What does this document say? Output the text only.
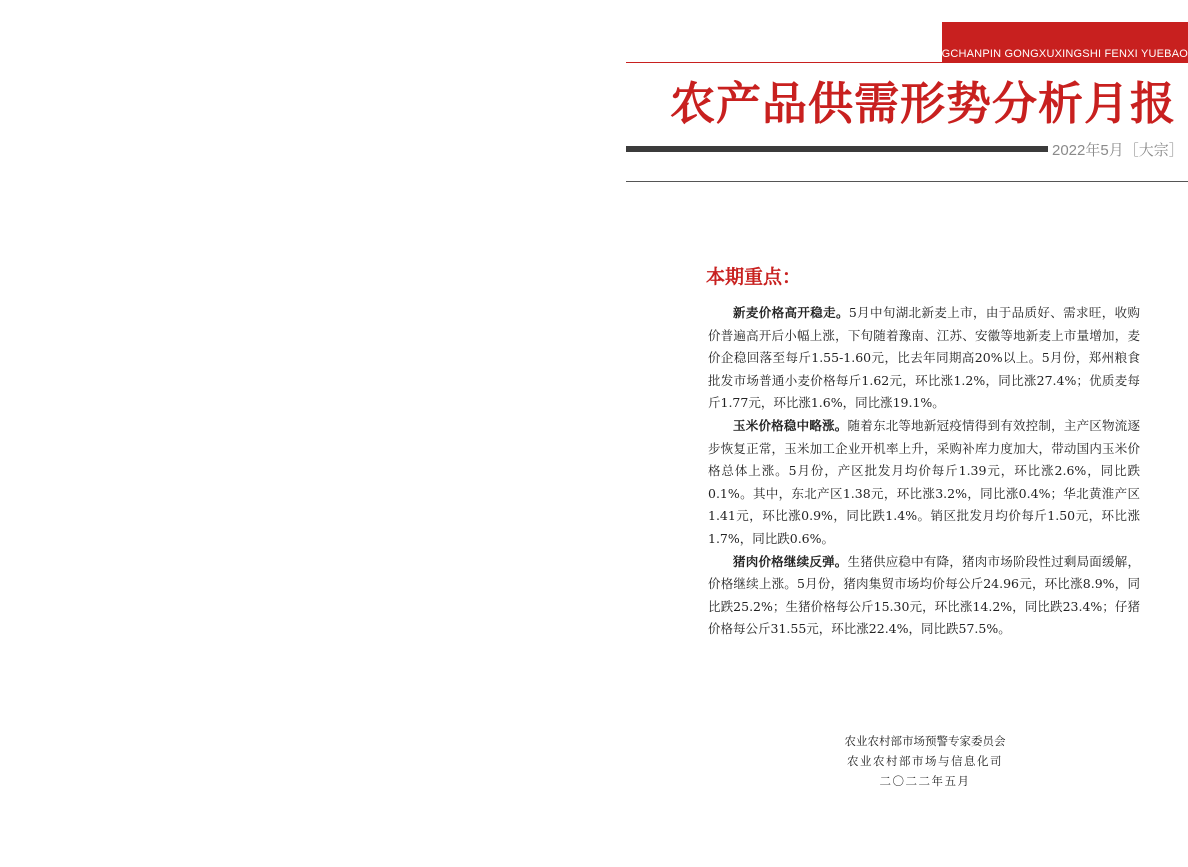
NONGCHANPIN GONGXUXINGSHI FENXI YUEBAO
农产品供需形势分析月报
2022年5月［大宗］
本期重点：

新麦价格高开稳走。5月中旬湖北新麦上市，由于品质好、需求旺，收购价普遍高开后小幅上涨，下旬随着豫南、江苏、安徽等地新麦上市量增加，麦价企稳回落至每斤1.55-1.60元，比去年同期高20%以上。5月份，郑州粮食批发市场普通小麦价格每斤1.62元，环比涨1.2%，同比涨27.4%；优质麦每斤1.77元，环比涨1.6%，同比涨19.1%。

玉米价格稳中略涨。随着东北等地新冠疫情得到有效控制，主产区物流逐步恢复正常，玉米加工企业开机率上升，采购补库力度加大，带动国内玉米价格总体上涨。5月份，产区批发月均价每斤1.39元，环比涨2.6%，同比跌0.1%。其中，东北产区1.38元，环比涨3.2%，同比涨0.4%；华北黄淮产区1.41元，环比涨0.9%，同比跌1.4%。销区批发月均价每斤1.50元，环比涨1.7%，同比跌0.6%。

猪肉价格继续反弹。生猪供应稳中有降，猪肉市场阶段性过剩局面缓解，价格继续上涨。5月份，猪肉集贸市场均价每公斤24.96元，环比涨8.9%，同比跌25.2%；生猪价格每公斤15.30元，环比涨14.2%，同比跌23.4%；仔猪价格每公斤31.55元，环比涨22.4%，同比跌57.5%。

农业农村部市场预警专家委员会
农业农村部市场与信息化司
二〇二二年五月
